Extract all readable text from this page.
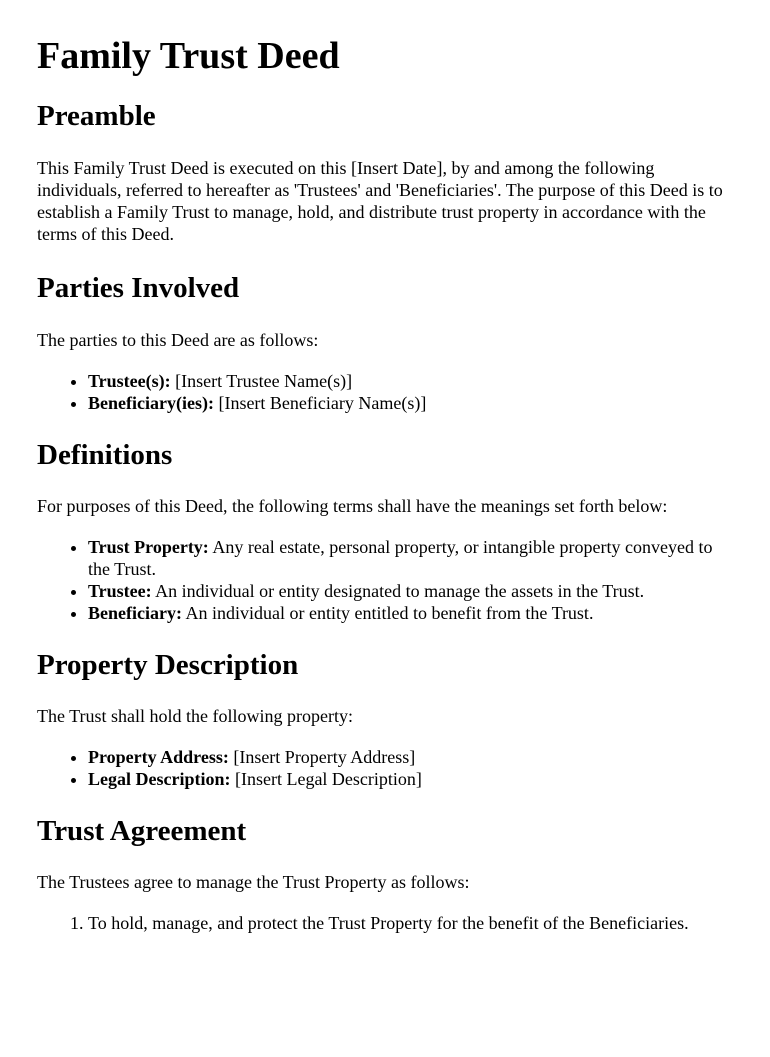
Family Trust Deed
Preamble

This Family Trust Deed is executed on this [Insert Date], by and among the following individuals, referred to hereafter as 'Trustees' and 'Beneficiaries'. The purpose of this Deed is to establish a Family Trust to manage, hold, and distribute trust property in accordance with the terms of this Deed.

Parties Involved

The parties to this Deed are as follows:

• Trustee(s): [Insert Trustee Name(s)]
• Beneficiary(ies): [Insert Beneficiary Name(s)]
Definitions

For purposes of this Deed, the following terms shall have the meanings set forth below:

• Trust Property: Any real estate, personal property, or intangible property conveyed to the Trust.
• Trustee: An individual or entity designated to manage the assets in the Trust.
• Beneficiary: An individual or entity entitled to benefit from the Trust.
Property Description

The Trust shall hold the following property:

• Property Address: [Insert Property Address]
• Legal Description: [Insert Legal Description]
Trust Agreement

The Trustees agree to manage the Trust Property as follows:

1. To hold, manage, and protect the Trust Property for the benefit of the Beneficiaries.
